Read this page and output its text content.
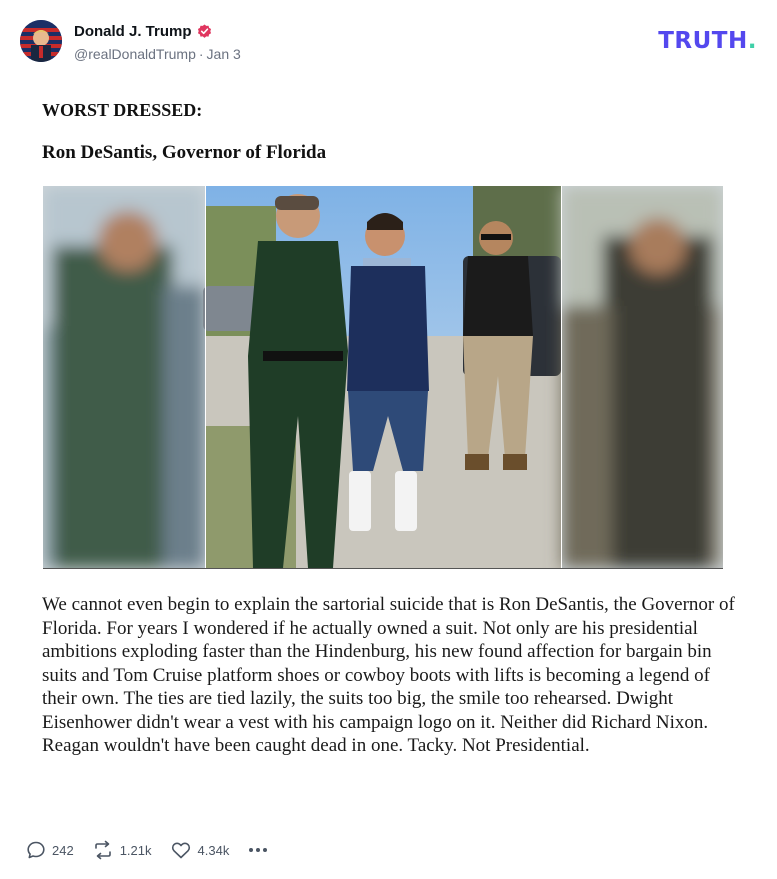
Donald J. Trump
@realDonaldTrump · Jan 3	TRUTH.
WORST DRESSED:
Ron DeSantis, Governor of Florida
We cannot even begin to explain the sartorial suicide that is Ron DeSantis, the Governor of Florida. For years I wondered if he actually owned a suit. Not only are his presidential ambitions exploding faster than the Hindenburg, his new found affection for bargain bin suits and Tom Cruise platform shoes or cowboy boots with lifts is becoming a legend of their own. The ties are tied lazily, the suits too big, the smile too rehearsed. Dwight Eisenhower didn't wear a vest with his campaign logo on it. Neither did Richard Nixon. Reagan wouldn't have been caught dead in one. Tacky. Not Presidential.
242	1.21k	4.34k
